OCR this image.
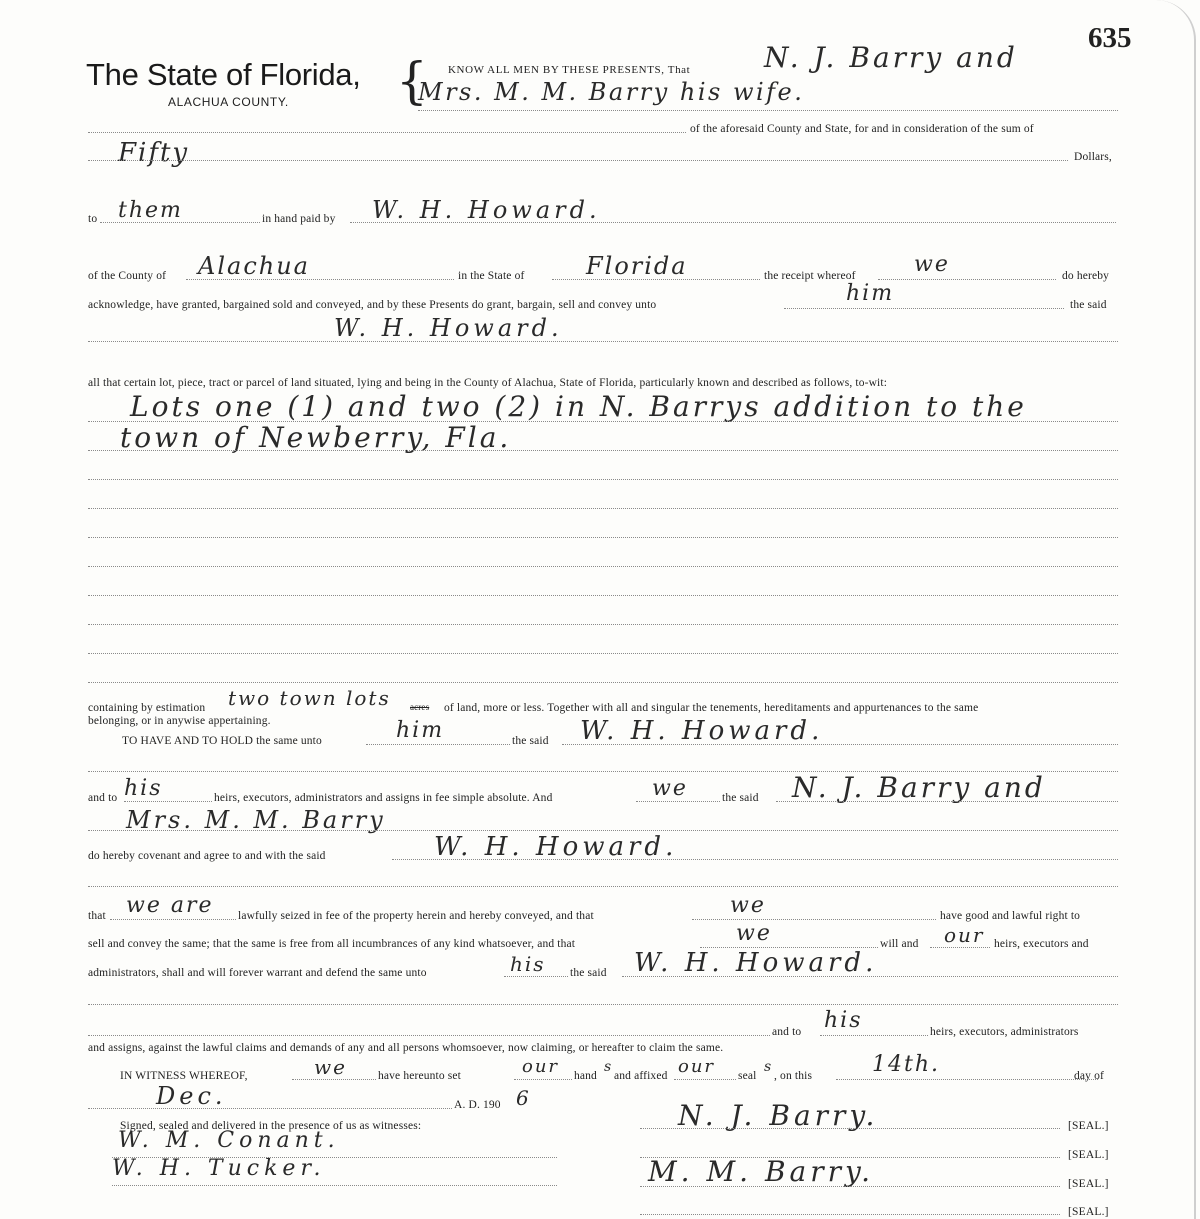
635
The State of Florida,
ALACHUA COUNTY. { KNOW ALL MEN BY THESE PRESENTS, That	N. J. Barry and
Mrs. M. M. Barry his wife.
of the aforesaid County and State, for and in consideration of the sum of
Fifty	Dollars,
to them	in hand paid by W. H. Howard.
of the County of Alachua	in the State of	Florida	the receipt whereof	we	do hereby
acknowledge, have granted, bargained sold and conveyed, and by these Presents do grant, bargain, sell and convey unto	him	the said
W. H. Howard.
all that certain lot, piece, tract or parcel of land situated, lying and being in the County of Alachua, State of Florida, particularly known and described as follows, to-wit:
Lots one (1) and two (2) in N. Barrys addition to the
town of Newberry, Fla.
containing by estimation two town lots acres of land, more or less. Together with all and singular the tenements, hereditaments and appurtenances to the same
belonging, or in anywise appertaining.
TO HAVE AND TO HOLD the same unto	him	the said W. H. Howard.
and to his	heirs, executors, administrators and assigns in fee simple absolute. And	we	the said N. J. Barry and
Mrs. M. M. Barry
do hereby covenant and agree to and with the said	W. H. Howard.
that we are lawfully seized in fee of the property herein and hereby conveyed, and that	we	have good and lawful right to
sell and convey the same; that the same is free from all incumbrances of any kind whatsoever, and that	we	will and our heirs, executors and
administrators, shall and will forever warrant and defend the same unto	his the said W. H. Howard.
and to his	heirs, executors, administrators
and assigns, against the lawful claims and demands of any and all persons whomsoever, now claiming, or hereafter to claim the same.
IN WITNESS WHEREOF,	we	have hereunto set	our hand
s
and affixed our seal
s
, on this	14th.	day of
Dec.	A. D. 190 6
Signed, sealed and delivered in the presence of us as witnesses:
W. M. Conant.
W. H. Tucker.
N. J. Barry.	[SEAL.]
[SEAL.]
M. M. Barry.	[SEAL.]
[SEAL.]
